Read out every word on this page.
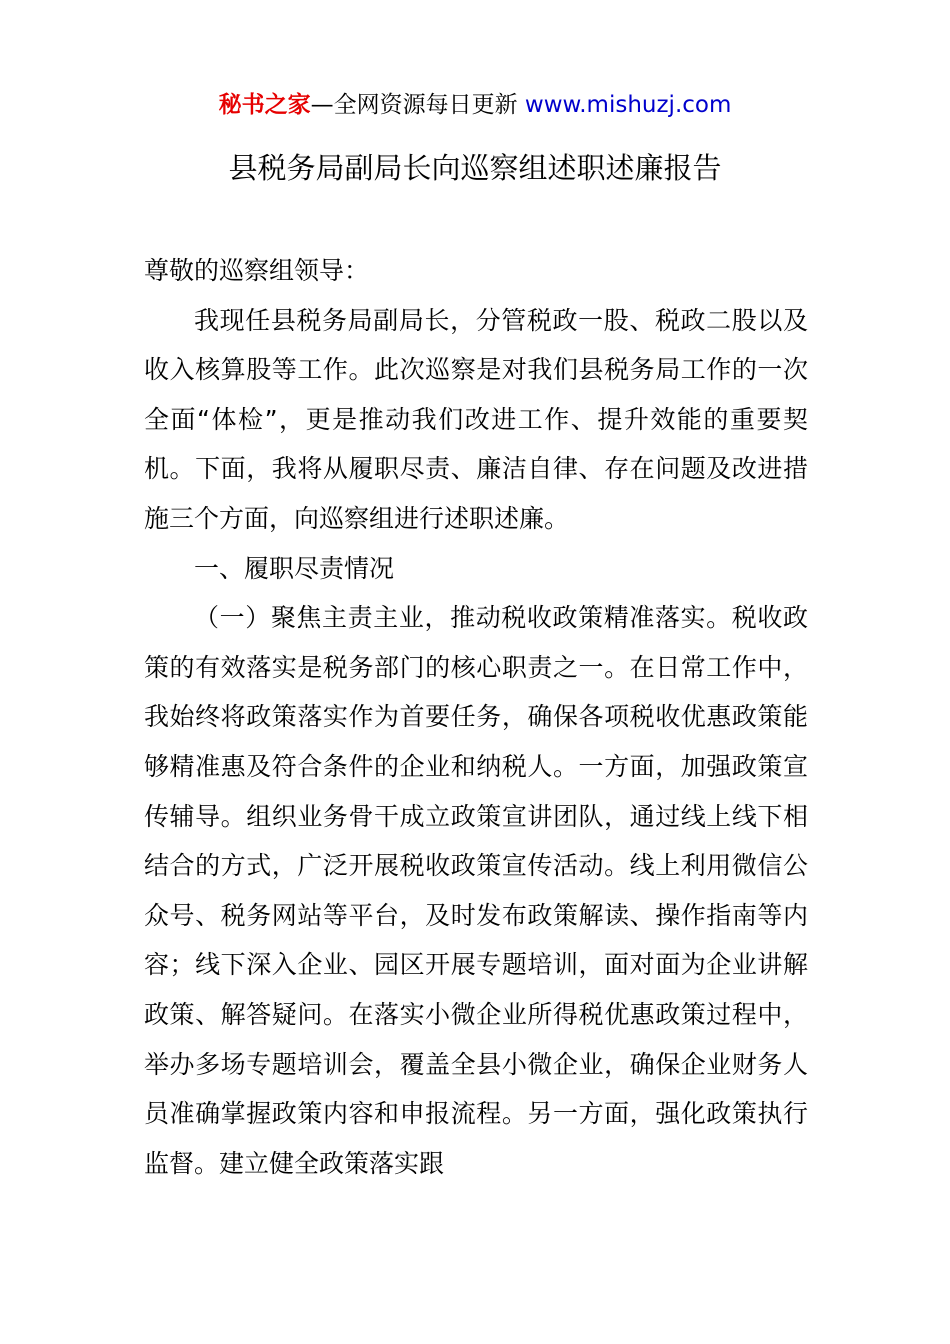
秘书之家—全网资源每日更新 www.mishuzj.com
县税务局副局长向巡察组述职述廉报告

尊敬的巡察组领导：

我现任县税务局副局长，分管税政一股、税政二股以及收入核算股等工作。此次巡察是对我们县税务局工作的一次全面“体检”，更是推动我们改进工作、提升效能的重要契机。下面，我将从履职尽责、廉洁自律、存在问题及改进措施三个方面，向巡察组进行述职述廉。

一、履职尽责情况

（一）聚焦主责主业，推动税收政策精准落实。税收政策的有效落实是税务部门的核心职责之一。在日常工作中，我始终将政策落实作为首要任务，确保各项税收优惠政策能够精准惠及符合条件的企业和纳税人。一方面，加强政策宣传辅导。组织业务骨干成立政策宣讲团队，通过线上线下相结合的方式，广泛开展税收政策宣传活动。线上利用微信公众号、税务网站等平台，及时发布政策解读、操作指南等内容；线下深入企业、园区开展专题培训，面对面为企业讲解政策、解答疑问。在落实小微企业所得税优惠政策过程中，举办多场专题培训会，覆盖全县小微企业，确保企业财务人员准确掌握政策内容和申报流程。另一方面，强化政策执行监督。建立健全政策落实跟
